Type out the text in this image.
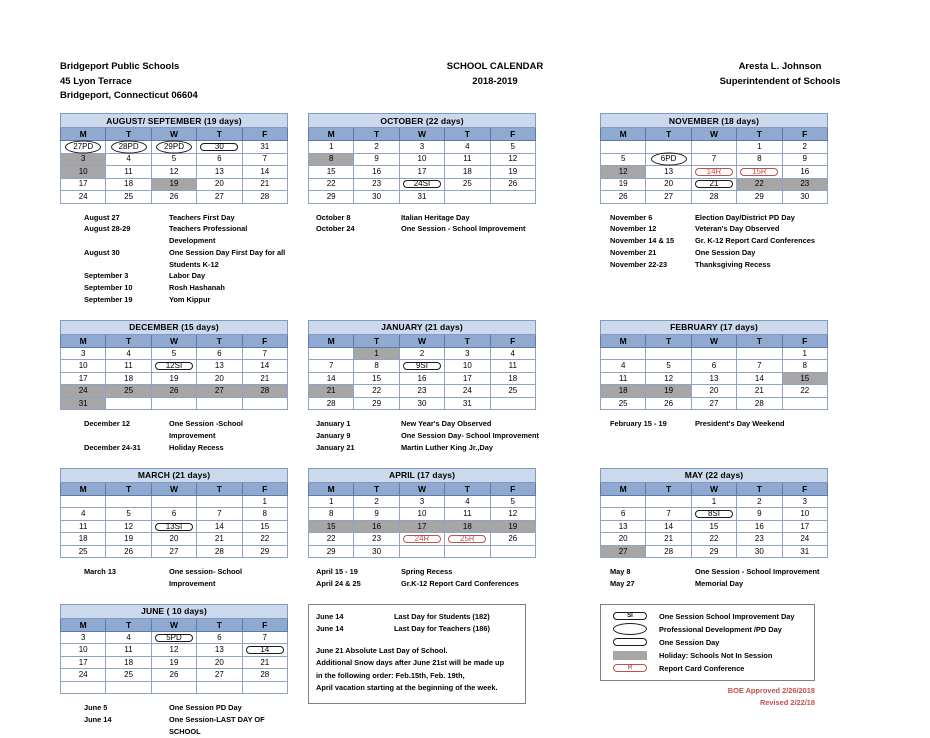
Bridgeport Public Schools
45 Lyon Terrace
Bridgeport, Connecticut 06604
SCHOOL CALENDAR
2018-2019
Aresta L. Johnson
Superintendent of Schools
AUGUST/ SEPTEMBER (19 days)				
M	T	W	T	F

27PD	28PD	29PD	30	31
3	4	5	6	7
10	11	12	13	14
17	18	19	20	21
24	25	26	27	28
August 27	Teachers First Day
August 28-29	Teachers Professional Development
August 30	One Session Day First Day for all Students K-12
September 3	Labor Day
September 10	Rosh Hashanah
September 19	Yom Kippur
OCTOBER (22 days)				
M	T	W	T	F
1	2	3	4	5
8	9	10	11	12
15	16	17	18	19
22	23	24SI	25	26
29	30	31		
October 8	Italian Heritage Day
October 24	One Session - School Improvement
NOVEMBER (18 days)				
M	T	W	T	F
			1	2
5	6PD	7	8	9
12	13	14R	15R	16
19	20	21	22	23
26	27	28	29	30
November 6	Election Day/District PD Day
November 12	Veteran's Day Observed
November 14 & 15	Gr. K-12 Report Card Conferences
November 21	One Session Day
November 22-23	Thanksgiving Recess
DECEMBER (15 days)				
M	T	W	T	F
3	4	5	6	7
10	11	12SI	13	14
17	18	19	20	21
24	25	26	27	28
31				
December 12	One Session -School Improvement
December 24-31	Holiday Recess
JANUARY (21 days)				
M	T	W	T	F
	1	2	3	4
7	8	9SI	10	11
14	15	16	17	18
21	22	23	24	25
28	29	30	31	
January 1	New Year's Day Observed
January 9	One Session Day- School Improvement
January 21	Martin Luther King Jr.,Day
FEBRUARY (17 days)				
M	T	W	T	F
				1
4	5	6	7	8
11	12	13	14	15
18	19	20	21	22
25	26	27	28	
February 15 - 19	President's Day Weekend
MARCH (21 days)				
M	T	W	T	F
				1
4	5	6	7	8
11	12	13SI	14	15
18	19	20	21	22
25	26	27	28	29
March 13	One session- School Improvement
APRIL (17 days)				
M	T	W	T	F
1	2	3	4	5
8	9	10	11	12
15	16	17	18	19
22	23	24R	25R	26
29	30			
April 15 - 19	Spring Recess
April 24 & 25	Gr.K-12 Report Card Conferences
MAY (22 days)				
M	T	W	T	F
		1	2	3
6	7	8SI	9	10
13	14	15	16	17
20	21	22	23	24
27	28	29	30	31
May 8	One Session - School Improvement
May 27	Memorial Day
JUNE ( 10 days)				
M	T	W	T	F
3	4	5PD	6	7
10	11	12	13	14
17	18	19	20	21
24	25	26	27	28

June 5	One Session PD Day
June 14	One Session-LAST DAY OF SCHOOL
June 14	Last Day for Students (182)
June 14	Last Day for Teachers (186)
June 21 Absolute Last Day of School.
Additional Snow days after June 21st will be made up
in the following order: Feb.15th, Feb. 19th,
April vacation starting at the beginning of the week.
SI	One Session School Improvement Day
Professional Development /PD Day
One Session Day
Holiday: Schools Not In Session
R	Report Card Conference
BOE Approved 2/26/2018
Revised 2/22/18
